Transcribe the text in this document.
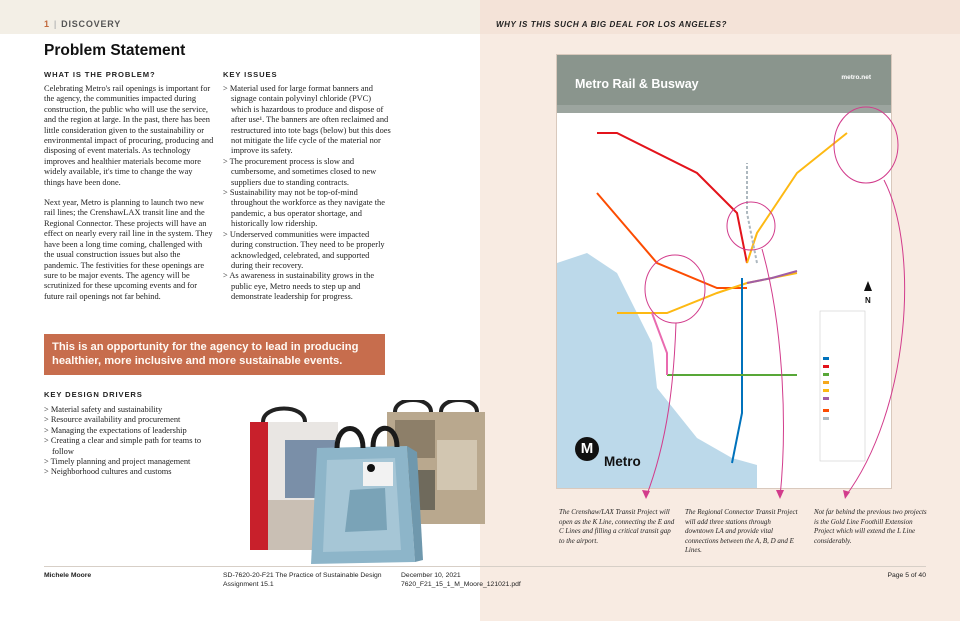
1 | DISCOVERY	WHY IS THIS SUCH A BIG DEAL FOR LOS ANGELES?
Problem Statement
WHAT IS THE PROBLEM?

Celebrating Metro's rail openings is important for the agency, the communities impacted during construction, the public who will use the service, and the region at large. In the past, there has been little consideration given to the sustainability or environmental impact of procuring, producing and disposing of event materials. As technology improves and healthier materials become more widely available, it's time to change the way things have been done.

Next year, Metro is planning to launch two new rail lines; the CrenshawLAX transit line and the Regional Connector. These projects will have an effect on nearly every rail line in the system. They have been a long time coming, challenged with the usual construction issues but also the pandemic. The festivities for these openings are sure to be major events. The agency will be scrutinized for these upcoming events and for future rail openings not far behind.

KEY ISSUES
> Material used for large format banners and signage contain polyvinyl chloride (PVC) which is hazardous to produce and dispose of after use¹. The banners are often reclaimed and restructured into tote bags (below) but this does not mitigate the life cycle of the material nor improve its safety.
> The procurement process is slow and cumbersome, and sometimes closed to new suppliers due to standing contracts.
> Sustainability may not be top-of-mind throughout the workforce as they navigate the pandemic, a bus operator shortage, and historically low ridership.
> Underserved communities were impacted during construction. They need to be properly acknowledged, celebrated, and supported during their recovery.
> As awareness in sustainability grows in the public eye, Metro needs to step up and demonstrate leadership for progress.
This is an opportunity for the agency to lead in producing healthier, more inclusive and more sustainable events.
KEY DESIGN DRIVERS
> Material safety and sustainability
> Resource availability and procurement
> Managing the expectations of leadership
> Creating a clear and simple path for teams to follow
> Timely planning and project management
> Neighborhood cultures and customs
Metro Rail & Busway	metro.net
N
M
Metro

The Crenshaw/LAX Transit Project will open as the K Line, connecting the E and C Lines and filling a critical transit gap to the airport.

The Regional Connector Transit Project will add three stations through downtown LA and provide vital connections between the A, B, D and E Lines.

Not far behind the previous two projects is the Gold Line Foothill Extension Project which will extend the L Line considerably.

Michele Moore	SD-7620-20-F21 The Practice of Sustainable Design Assignment 15.1
December 10, 2021
7620_F21_15_1_M_Moore_121021.pdf
Page 5 of 40
